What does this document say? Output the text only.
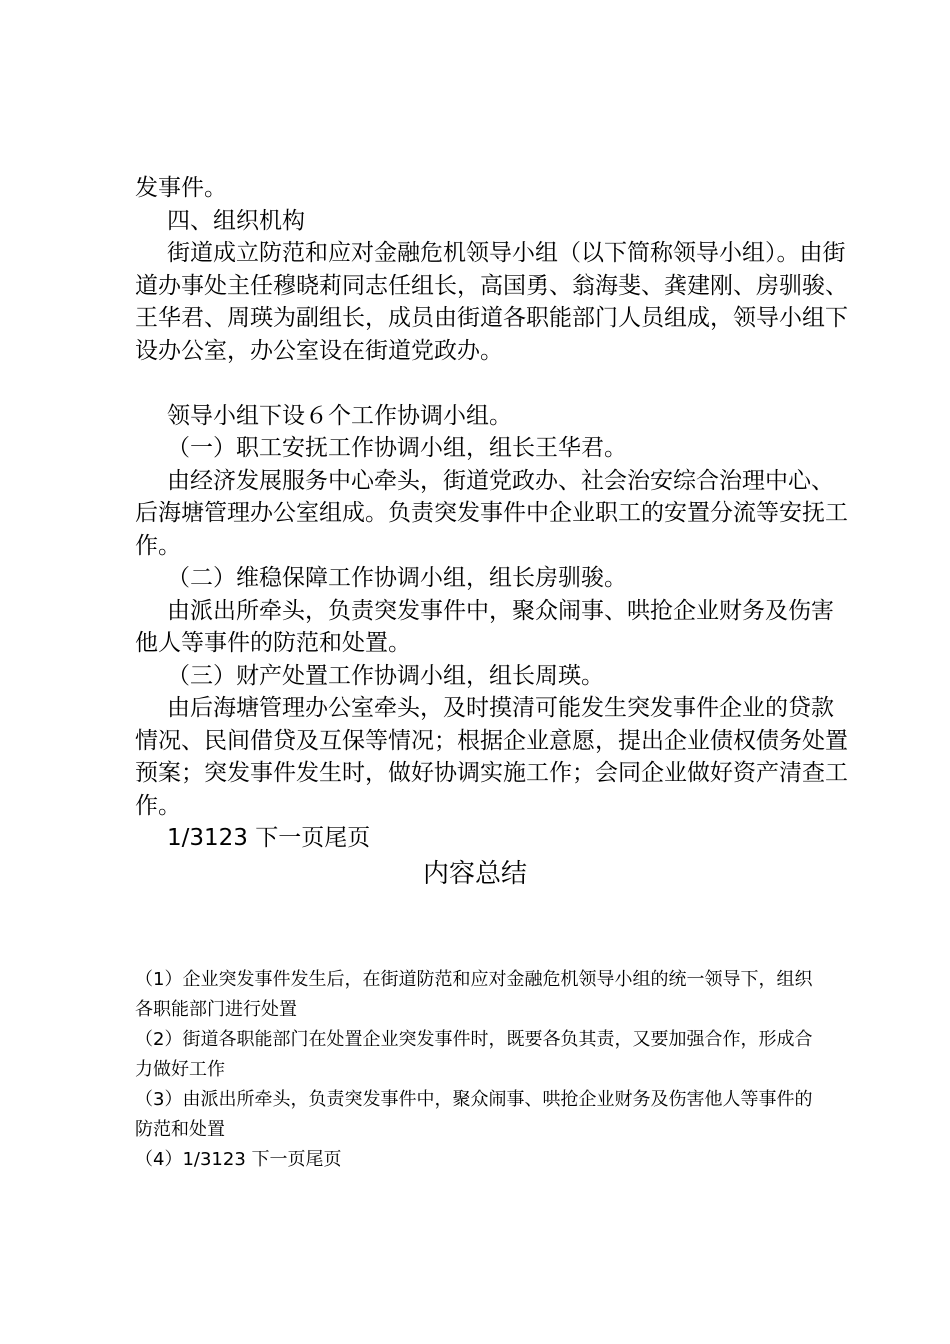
发事件。

四、组织机构

街道成立防范和应对金融危机领导小组（以下简称领导小组）。由街道办事处主任穆晓莉同志任组长，高国勇、翁海斐、龚建刚、房驯骏、王华君、周瑛为副组长，成员由街道各职能部门人员组成，领导小组下设办公室，办公室设在街道党政办。

领导小组下设６个工作协调小组。

（一）职工安抚工作协调小组，组长王华君。

由经济发展服务中心牵头，街道党政办、社会治安综合治理中心、后海塘管理办公室组成。负责突发事件中企业职工的安置分流等安抚工作。

（二）维稳保障工作协调小组，组长房驯骏。

由派出所牵头，负责突发事件中，聚众闹事、哄抢企业财务及伤害他人等事件的防范和处置。

（三）财产处置工作协调小组，组长周瑛。

由后海塘管理办公室牵头，及时摸清可能发生突发事件企业的贷款情况、民间借贷及互保等情况；根据企业意愿，提出企业债权债务处置预案；突发事件发生时，做好协调实施工作；会同企业做好资产清查工作。

1/3123 下一页尾页

内容总结
（1）企业突发事件发生后，在街道防范和应对金融危机领导小组的统一领导下，组织各职能部门进行处置
（2）街道各职能部门在处置企业突发事件时，既要各负其责，又要加强合作，形成合力做好工作
（3）由派出所牵头，负责突发事件中，聚众闹事、哄抢企业财务及伤害他人等事件的防范和处置
（4）1/3123 下一页尾页
